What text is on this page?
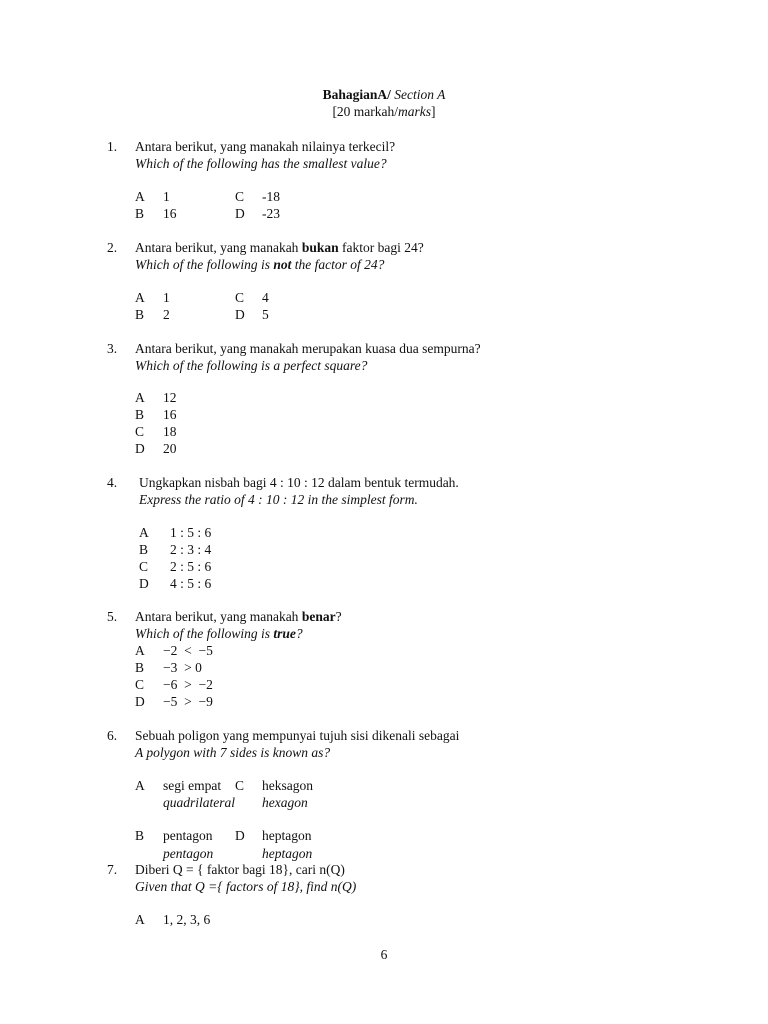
BahagianA/ Section A
[20 markah/marks]
1. Antara berikut, yang manakah nilainya terkecil?
Which of the following has the smallest value?
A 1
B 16
C -18
D -23
2. Antara berikut, yang manakah bukan faktor bagi 24?
Which of the following is not the factor of 24?
A 1
B 2
C 4
D 5
3. Antara berikut, yang manakah merupakan kuasa dua sempurna?
Which of the following is a perfect square?
A 12
B 16
C 18
D 20
4. Ungkapkan nisbah bagi 4 : 10 : 12 dalam bentuk termudah.
Express the ratio of 4 : 10 : 12 in the simplest form.
A 1 : 5 : 6
B 2 : 3 : 4
C 2 : 5 : 6
D 4 : 5 : 6
5. Antara berikut, yang manakah benar?
Which of the following is true?
A −2  <  −5
B −3  > 0
C −6  >  −2
D −5  >  −9
6. Sebuah poligon yang mempunyai tujuh sisi dikenali sebagai
A polygon with 7 sides is known as?
A segi empat
quadrilateral
C heksagon
hexagon
B pentagon
pentagon
D heptagon
heptagon
7. Diberi Q = { faktor bagi 18}, cari n(Q)
Given that Q ={ factors of 18}, find n(Q)
A 1, 2, 3, 6
6
